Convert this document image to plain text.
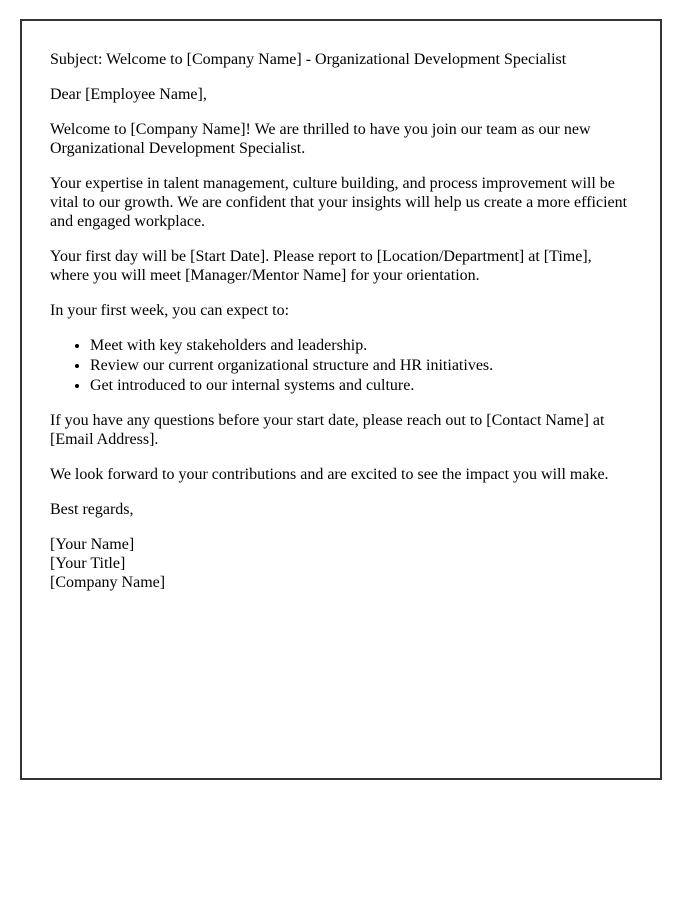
Subject: Welcome to [Company Name] - Organizational Development Specialist

Dear [Employee Name],

Welcome to [Company Name]! We are thrilled to have you join our team as our new Organizational Development Specialist.

Your expertise in talent management, culture building, and process improvement will be vital to our growth. We are confident that your insights will help us create a more efficient and engaged workplace.

Your first day will be [Start Date]. Please report to [Location/Department] at [Time], where you will meet [Manager/Mentor Name] for your orientation.

In your first week, you can expect to:

• Meet with key stakeholders and leadership.
• Review our current organizational structure and HR initiatives.
• Get introduced to our internal systems and culture.

If you have any questions before your start date, please reach out to [Contact Name] at [Email Address].

We look forward to your contributions and are excited to see the impact you will make.

Best regards,

[Your Name]
[Your Title]
[Company Name]
